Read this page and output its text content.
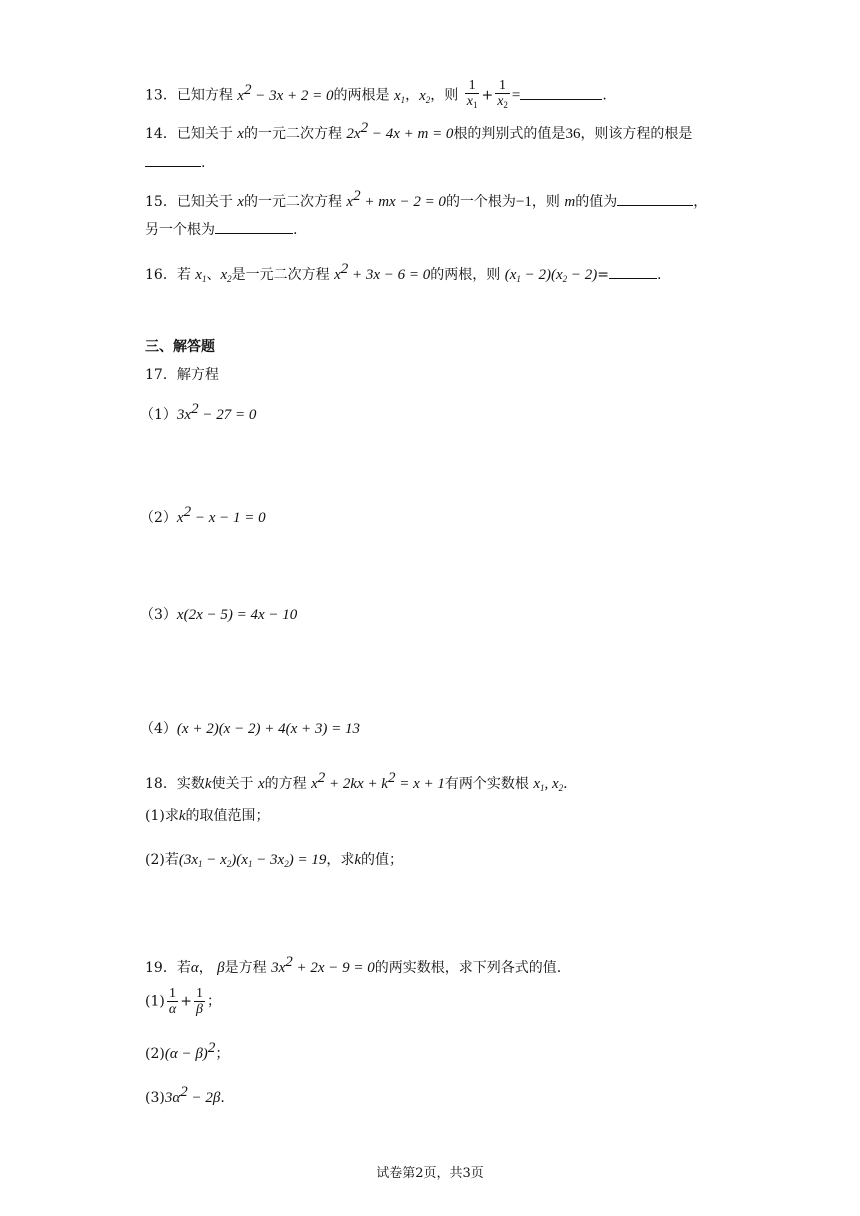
13．已知方程 $x^2 - 3x + 2 = 0$的两根是 $x_1$，$x_2$，则 $\frac{1}{x_1} + \frac{1}{x_2}$ =	.
14．已知关于 x的一元二次方程 $2x^2 - 4x + m = 0$根的判别式的值是36，则该方程的根是
.
15．已知关于 x的一元二次方程 $x^2$ + mx − 2 = 0的一个根为−1，则 m的值为	，
另一个根为	.
16．若 $x_1$、$x_2$是一元二次方程 $x^2 + 3x - 6 = 0$的两根，则 $(x_1 - 2)(x_2 - 2)=$	.
三、解答题
17．解方程
$(1)3x^2 - 27 = 0$
$(2)x^2 - x - 1 = 0$
（3）x(2x − 5) = 4x − 10
（4）(x + 2)(x − 2) + 4(x + 3) = 13
18．实数k使关于 x的方程 $x^2 + 2kx + k^2 = x + 1$有两个实数根 $x_1$, $x_2$.
(1)求k的取值范围；
(2)若$(3x_1 - x_2)(x_1 - 3x_2) = 19$，求k的值；
19．若α， β是方程 $3x^2 + 2x - 9 = 0$的两实数根，求下列各式的值.
$(1) \frac{1}{\alpha} + \frac{1}{\beta}$ ；
$(2)(\alpha - \beta)^2$；
$(3)3\alpha^2 - 2\beta$.
试卷第2页，共3页
